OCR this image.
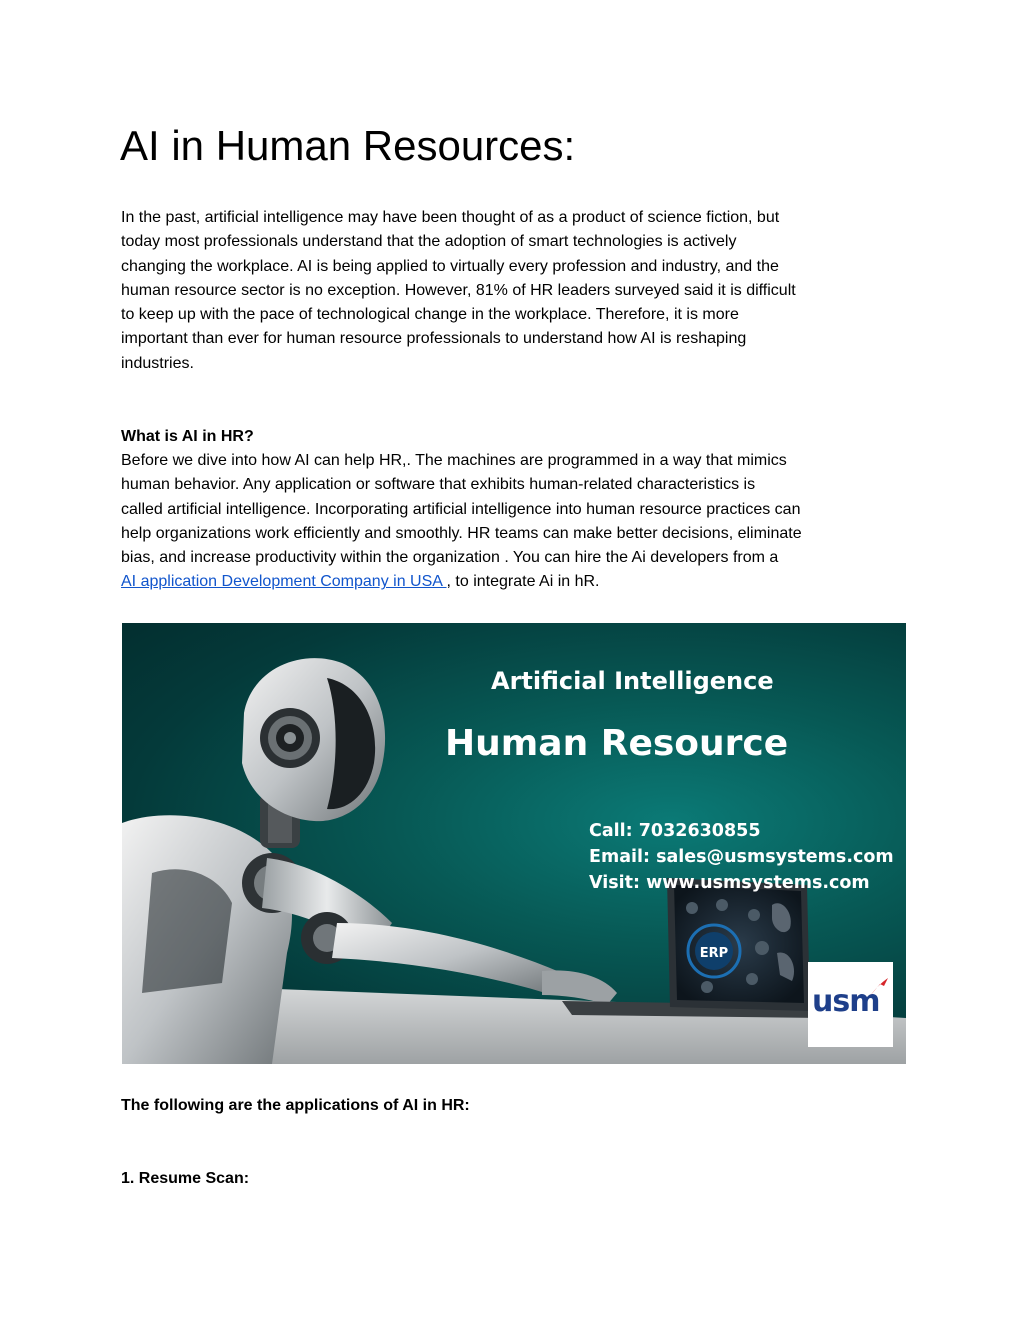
AI in Human Resources:

In the past, artificial intelligence may have been thought of as a product of science fiction, but
today most professionals understand that the adoption of smart technologies is actively
changing the workplace. AI is being applied to virtually every profession and industry, and the
human resource sector is no exception. However, 81% of HR leaders surveyed said it is difficult
to keep up with the pace of technological change in the workplace. Therefore, it is more
important than ever for human resource professionals to understand how AI is reshaping
industries.

What is AI in HR?

Before we dive into how AI can help HR,. The machines are programmed in a way that mimics
human behavior. Any application or software that exhibits human-related characteristics is
called artificial intelligence. Incorporating artificial intelligence into human resource practices can
help organizations work efficiently and smoothly. HR teams can make better decisions, eliminate
bias, and increase productivity within the organization . You can hire the Ai developers from a
AI application Development Company in USA , to integrate Ai in hR.

ERP
Artificial Intelligence
Human Resource
Call: 7032630855
Email: sales@usmsystems.com
Visit: www.usmsystems.com
usm
The following are the applications of AI in HR:
1. Resume Scan:
